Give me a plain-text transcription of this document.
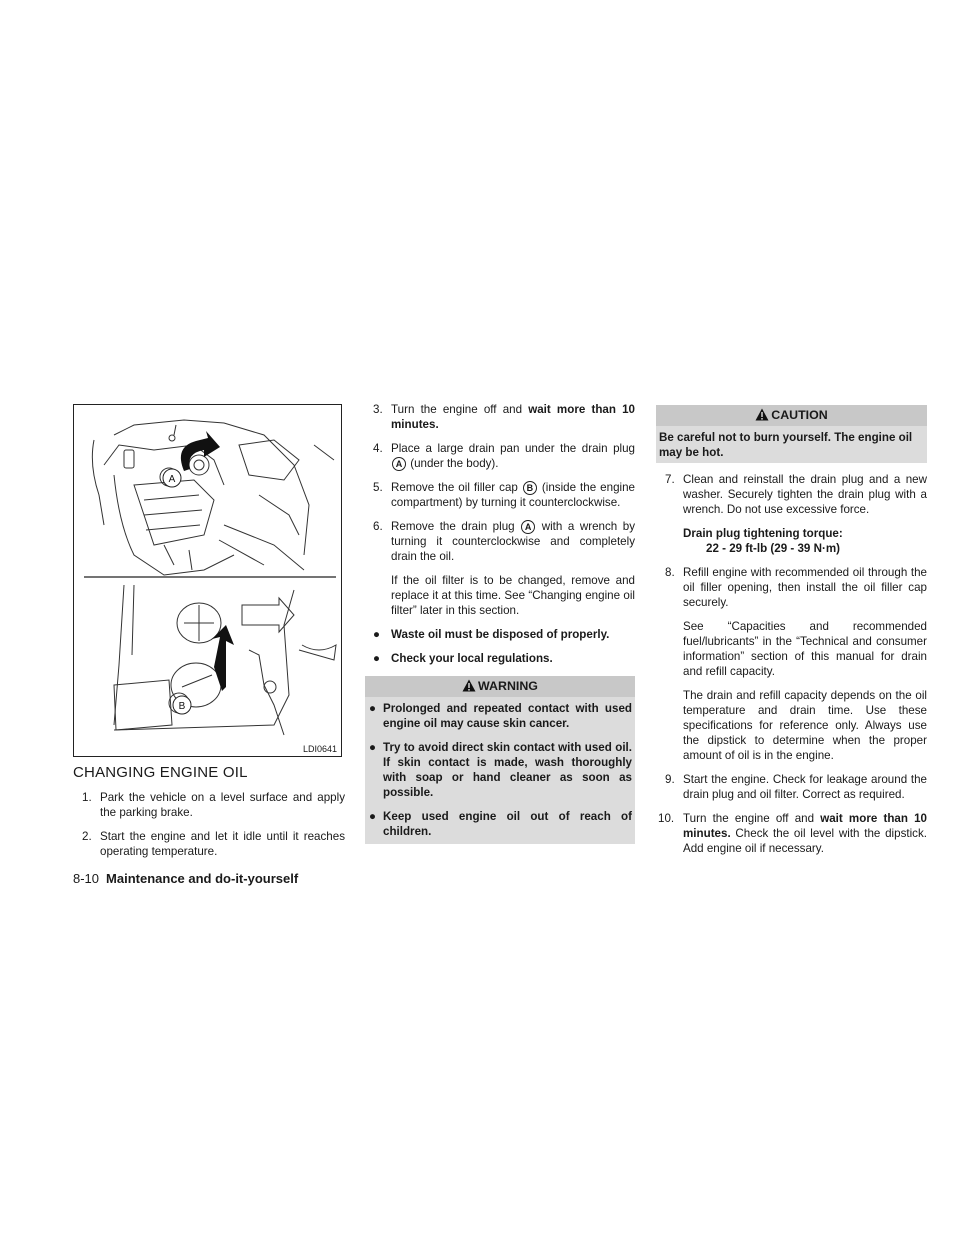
A
B
LDI0641
CHANGING ENGINE OIL
1. Park the vehicle on a level surface and apply the parking brake.
2. Start the engine and let it idle until it reaches operating temperature.
8-10 Maintenance and do-it-yourself
3. Turn the engine off and wait more than 10 minutes.
4. Place a large drain pan under the drain plug A (under the body).
5. Remove the oil filler cap B (inside the engine compartment) by turning it counterclockwise.
6. Remove the drain plug A with a wrench by turning it counterclockwise and completely drain the oil.
If the oil filter is to be changed, remove and replace it at this time. See “Changing engine oil filter” later in this section.
● Waste oil must be disposed of properly.
● Check your local regulations.
WARNING
● Prolonged and repeated contact with used engine oil may cause skin cancer.
● Try to avoid direct skin contact with used oil. If skin contact is made, wash thoroughly with soap or hand cleaner as soon as possible.
● Keep used engine oil out of reach of children.
CAUTION
Be careful not to burn yourself. The engine oil may be hot.
7. Clean and reinstall the drain plug and a new washer. Securely tighten the drain plug with a wrench. Do not use excessive force.
Drain plug tightening torque:
22 - 29 ft-lb (29 - 39 N·m)
8. Refill engine with recommended oil through the oil filler opening, then install the oil filler cap securely.
See “Capacities and recommended fuel/lubricants” in the “Technical and consumer information” section of this manual for drain and refill capacity.
The drain and refill capacity depends on the oil temperature and drain time. Use these specifications for reference only. Always use the dipstick to determine when the proper amount of oil is in the engine.
9. Start the engine. Check for leakage around the drain plug and oil filter. Correct as required.
10. Turn the engine off and wait more than 10 minutes. Check the oil level with the dipstick. Add engine oil if necessary.
